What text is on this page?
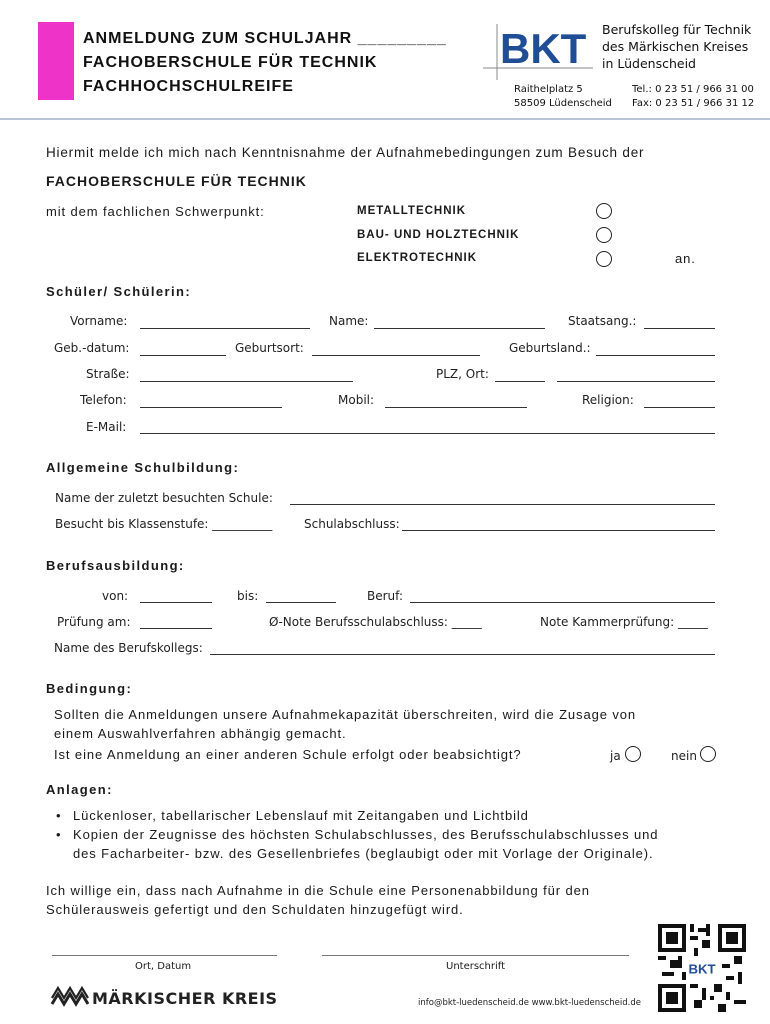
ANMELDUNG ZUM SCHULJAHR _________
FACHOBERSCHULE FÜR TECHNIK
FACHHOCHSCHULREIFE
BKT Berufskolleg für Technik
des Märkischen Kreises
in Lüdenscheid
Raithelplatz 5
58509 Lüdenscheid
Tel.: 0 23 51 / 966 31 00
Fax: 0 23 51 / 966 31 12
Hiermit melde ich mich nach Kenntnisnahme der Aufnahmebedingungen zum Besuch der
FACHOBERSCHULE FÜR TECHNIK
mit dem fachlichen Schwerpunkt:	METALLTECHNIK
BAU- UND HOLZTECHNIK
ELEKTROTECHNIK	an.
Schüler/ Schülerin:
Vorname:	Name:	Staatsang.:
Geb.-datum:	Geburtsort:	Geburtsland.:
Straße:	PLZ, Ort:
Telefon:	Mobil:	Religion:
E-Mail:
Allgemeine Schulbildung:
Name der zuletzt besuchten Schule:
Besucht bis Klassenstufe: __________	Schulabschluss:
Berufsausbildung:
von:	bis:	Beruf:
Prüfung am:	Ø-Note Berufsschulabschluss: _____	Note Kammerprüfung: _____
Name des Berufskollegs:
Bedingung:
Sollten die Anmeldungen unsere Aufnahmekapazität überschreiten, wird die Zusage von
einem Auswahlverfahren abhängig gemacht.
Ist eine Anmeldung an einer anderen Schule erfolgt oder beabsichtigt?	ja	nein
Anlagen:
• Lückenloser, tabellarischer Lebenslauf mit Zeitangaben und Lichtbild
• Kopien der Zeugnisse des höchsten Schulabschlusses, des Berufsschulabschlusses und
des Facharbeiter- bzw. des Gesellenbriefes (beglaubigt oder mit Vorlage der Originale).
Ich willige ein, dass nach Aufnahme in die Schule eine Personenabbildung für den
Schülerausweis gefertigt und den Schuldaten hinzugefügt wird.
Ort, Datum	Unterschrift
MÄRKISCHER KREIS	info@bkt-luedenscheid.de www.bkt-luedenscheid.de
BKT
